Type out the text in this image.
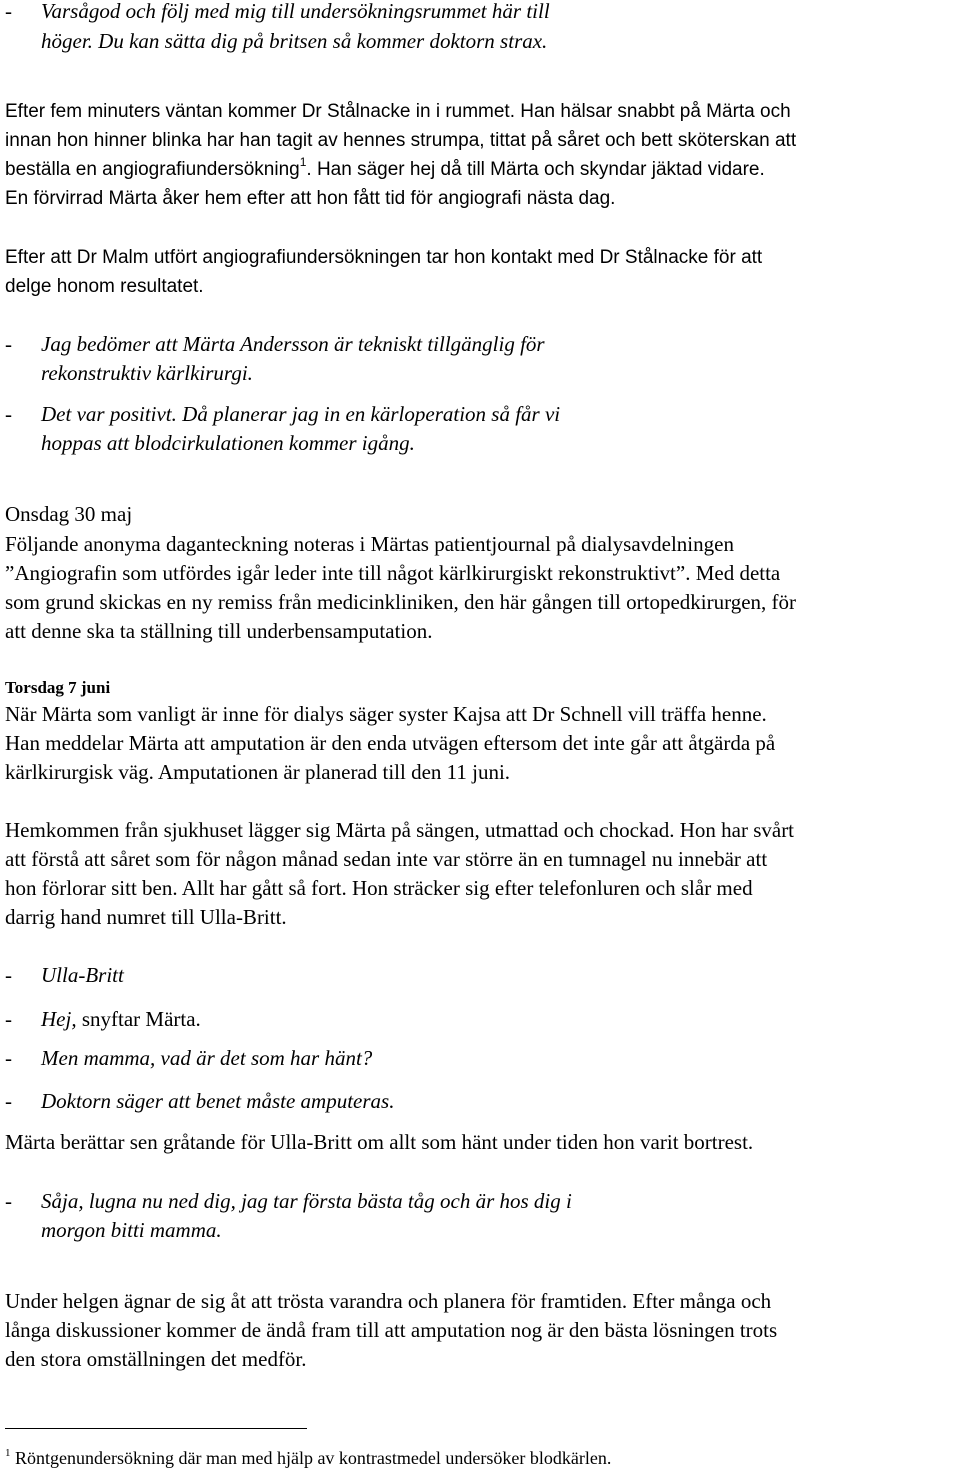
- Varsågod och följ med mig till undersökningsrummet här till
höger. Du kan sätta dig på britsen så kommer doktorn strax.
Efter fem minuters väntan kommer Dr Stålnacke in i rummet. Han hälsar snabbt på Märta och
innan hon hinner blinka har han tagit av hennes strumpa, tittat på såret och bett sköterskan att
beställa en angiografiundersökning$^1$. Han säger hej då till Märta och skyndar jäktad vidare.
En förvirrad Märta åker hem efter att hon fått tid för angiografi nästa dag.
Efter att Dr Malm utfört angiografiundersökningen tar hon kontakt med Dr Stålnacke för att
delge honom resultatet.
- Jag bedömer att Märta Andersson är tekniskt tillgänglig för
rekonstruktiv kärlkirurgi.
- Det var positivt. Då planerar jag in en kärloperation så får vi
hoppas att blodcirkulationen kommer igång.
Onsdag 30 maj
Följande anonyma daganteckning noteras i Märtas patientjournal på dialysavdelningen
”Angiografin som utfördes igår leder inte till något kärlkirurgiskt rekonstruktivt”. Med detta
som grund skickas en ny remiss från medicinkliniken, den här gången till ortopedkirurgen, för
att denne ska ta ställning till underbensamputation.
Torsdag 7 juni
När Märta som vanligt är inne för dialys säger syster Kajsa att Dr Schnell vill träffa henne.
Han meddelar Märta att amputation är den enda utvägen eftersom det inte går att åtgärda på
kärlkirurgisk väg. Amputationen är planerad till den 11 juni.
Hemkommen från sjukhuset lägger sig Märta på sängen, utmattad och chockad. Hon har svårt
att förstå att såret som för någon månad sedan inte var större än en tumnagel nu innebär att
hon förlorar sitt ben. Allt har gått så fort. Hon sträcker sig efter telefonluren och slår med
darrig hand numret till Ulla-Britt.
- Ulla-Britt
- Hej, snyftar Märta.
- Men mamma, vad är det som har hänt?
- Doktorn säger att benet måste amputeras.
Märta berättar sen gråtande för Ulla-Britt om allt som hänt under tiden hon varit bortrest.
- Såja, lugna nu ned dig, jag tar första bästa tåg och är hos dig i
morgon bitti mamma.
Under helgen ägnar de sig åt att trösta varandra och planera för framtiden. Efter många och
långa diskussioner kommer de ändå fram till att amputation nog är den bästa lösningen trots
den stora omställningen det medför.
$^1$ Röntgenundersökning där man med hjälp av kontrastmedel undersöker blodkärlen.
